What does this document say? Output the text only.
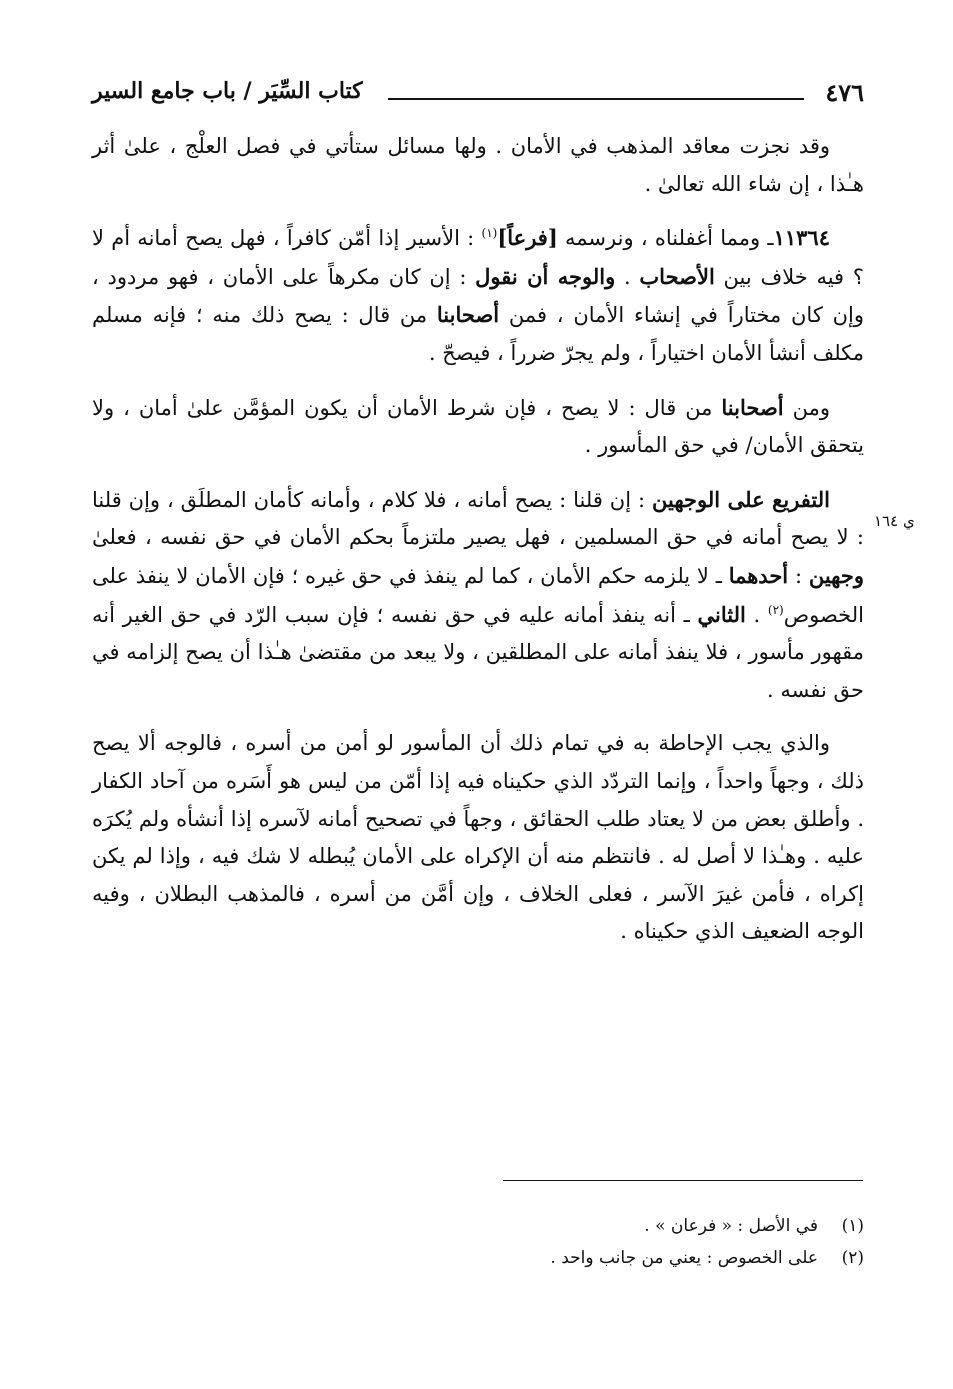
٤٧٦
كتاب السِّيَر / باب جامع السير

وقد نجزت معاقد المذهب في الأمان . ولها مسائل ستأتي في فصل العلْج ، علىٰ أثر هـٰذا ، إن شاء الله تعالىٰ .

١١٣٦٤ـ ومما أغفلناه ، ونرسمه [فرعاً]$^{(١)}$ : الأسير إذا أمّن كافراً ، فهل يصح أمانه أم لا ؟ فيه خلاف بين الأصحاب . والوجه أن نقول : إن كان مكرهاً على الأمان ، فهو مردود ، وإن كان مختاراً في إنشاء الأمان ، فمن أصحابنا من قال : يصح ذلك منه ؛ فإنه مسلم مكلف أنشأ الأمان اختياراً ، ولم يجرّ ضرراً ، فيصحّ .

ومن أصحابنا من قال : لا يصح ، فإن شرط الأمان أن يكون المؤمَّن علىٰ أمان ، ولا يتحقق الأمان/ في حق المأسور .

التفريع على الوجهين : إن قلنا : يصح أمانه ، فلا كلام ، وأمانه كأمان المطلَق ، وإن قلنا : لا يصح أمانه في حق المسلمين ، فهل يصير ملتزماً بحكم الأمان في حق نفسه ، فعلىٰ وجهين : أحدهما ـ لا يلزمه حكم الأمان ، كما لم ينفذ في حق غيره ؛ فإن الأمان لا ينفذ على الخصوص$^{(٢)}$ . الثاني ـ أنه ينفذ أمانه عليه في حق نفسه ؛ فإن سبب الرّد في حق الغير أنه مقهور مأسور ، فلا ينفذ أمانه على المطلقين ، ولا يبعد من مقتضىٰ هـٰذا أن يصح إلزامه في حق نفسه .

والذي يجب الإحاطة به في تمام ذلك أن المأسور لو أمن من أسره ، فالوجه ألا يصح ذلك ، وجهاً واحداً ، وإنما التردّد الذي حكيناه فيه إذا أمّن من ليس هو أَسَره من آحاد الكفار . وأطلق بعض من لا يعتاد طلب الحقائق ، وجهاً في تصحيح أمانه لآسره إذا أنشأه ولم يُكرَه عليه . وهـٰذا لا أصل له . فانتظم منه أن الإكراه على الأمان يُبطله لا شك فيه ، وإذا لم يكن إكراه ، فأمن غيرَ الآسر ، فعلى الخلاف ، وإن أمَّن من أسره ، فالمذهب البطلان ، وفيه الوجه الضعيف الذي حكيناه .

ي ١٦٤
(١)في الأصل : « فرعان » .
(٢)على الخصوص : يعني من جانب واحد .
